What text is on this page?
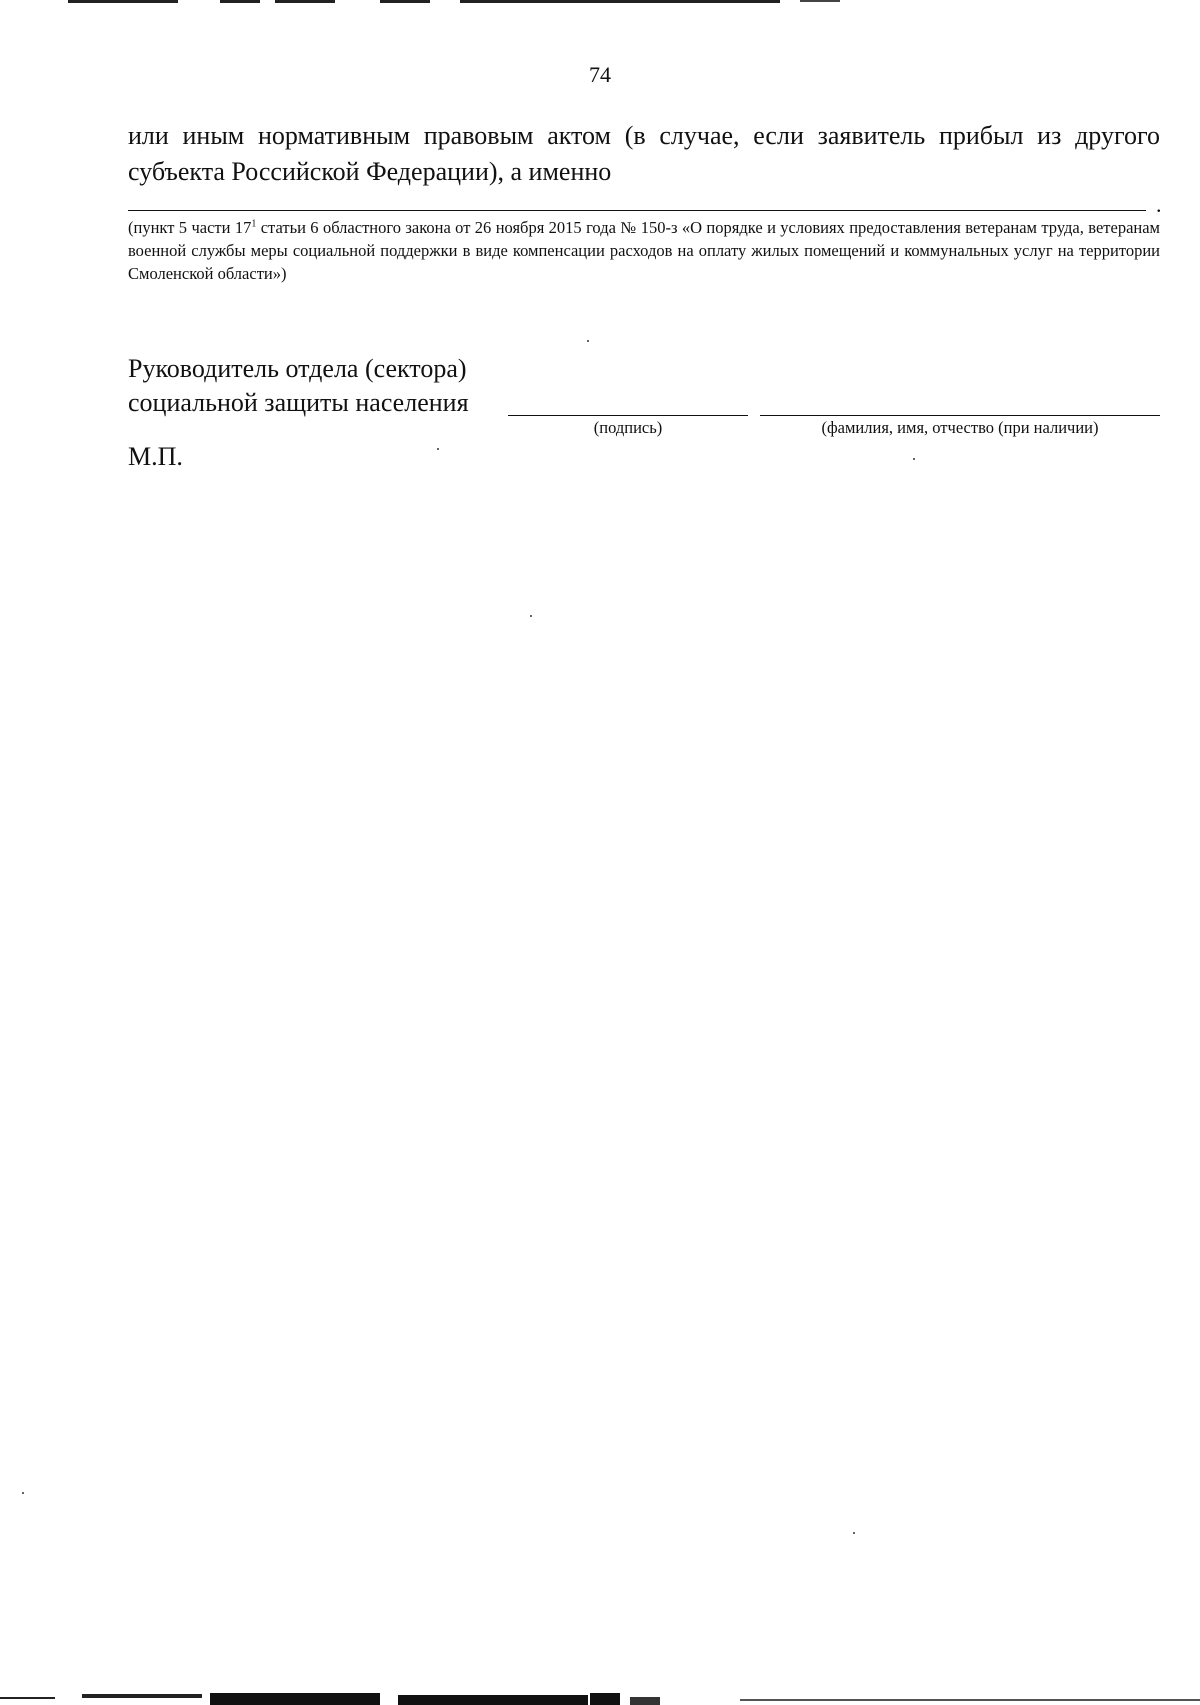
74
или иным нормативным правовым актом (в случае, если заявитель прибыл из другого субъекта Российской Федерации), а именно
.
(пункт 5 части $17^1$ статьи 6 областного закона от 26 ноября 2015 года № 150-з «О порядке и условиях предоставления ветеранам труда, ветеранам военной службы меры социальной поддержки в виде компенсации расходов на оплату жилых помещений и коммунальных услуг на территории Смоленской области»)
Руководитель отдела (сектора)
социальной защиты населения
(подпись)	(фамилия, имя, отчество (при наличии)
М.П.
